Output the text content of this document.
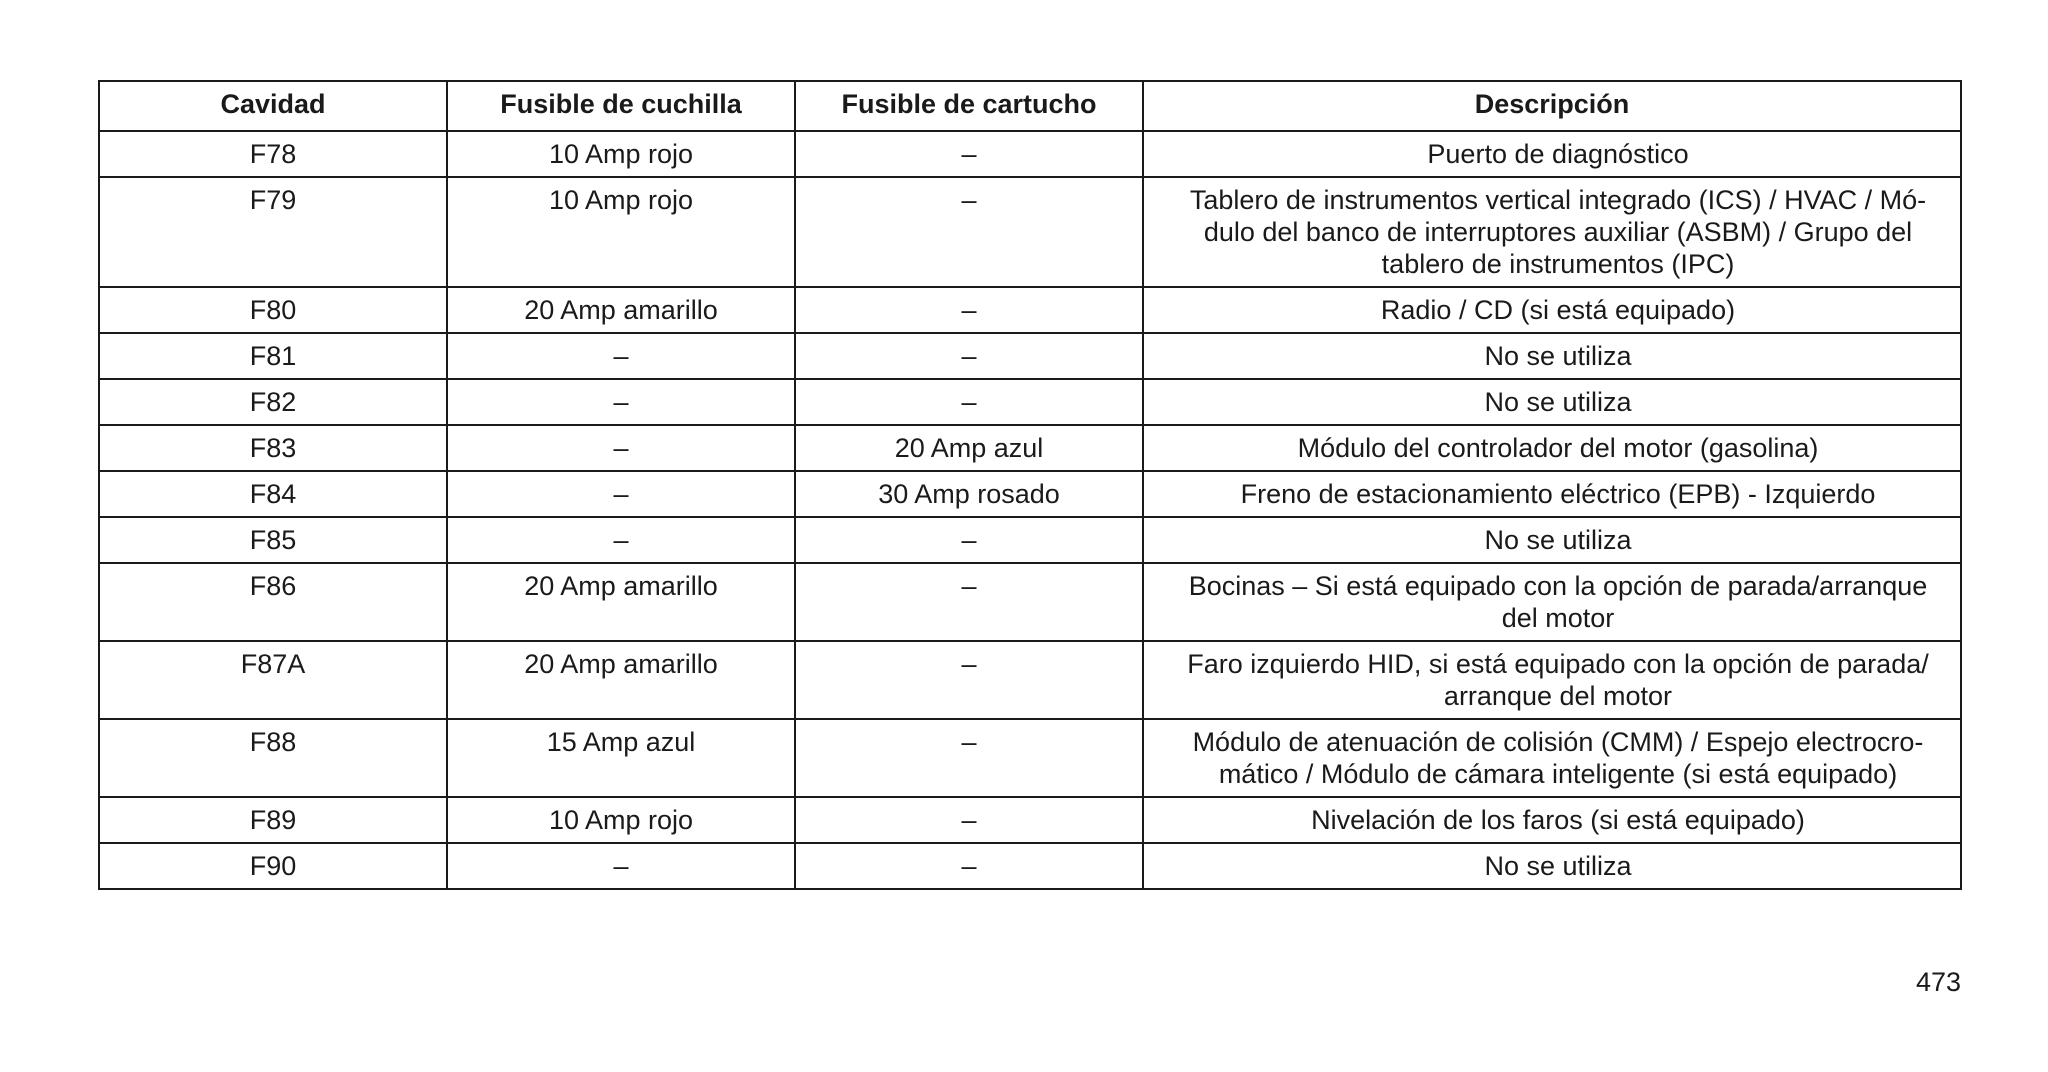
Cavidad	Fusible de cuchilla	Fusible de cartucho	Descripción
F78	10 Amp rojo	–	Puerto de diagnóstico

F79	10 Amp rojo	–	Tablero de instrumentos vertical integrado (ICS) / HVAC / Mó-
dulo del banco de interruptores auxiliar (ASBM) / Grupo del
tablero de instrumentos (IPC)

F80	20 Amp amarillo	–	Radio / CD (si está equipado)

F81	–	–	No se utiliza

F82	–	–	No se utiliza

F83	–	20 Amp azul	Módulo del controlador del motor (gasolina)

F84	–	30 Amp rosado	Freno de estacionamiento eléctrico (EPB) - Izquierdo

F85	–	–	No se utiliza

F86	20 Amp amarillo	–	Bocinas – Si está equipado con la opción de parada/arranque
del motor

F87A	20 Amp amarillo	–	Faro izquierdo HID, si está equipado con la opción de parada/
arranque del motor

F88	15 Amp azul	–	Módulo de atenuación de colisión (CMM) / Espejo electrocro-
mático / Módulo de cámara inteligente (si está equipado)

F89	10 Amp rojo	–	Nivelación de los faros (si está equipado)

F90	–	–	No se utiliza
473
